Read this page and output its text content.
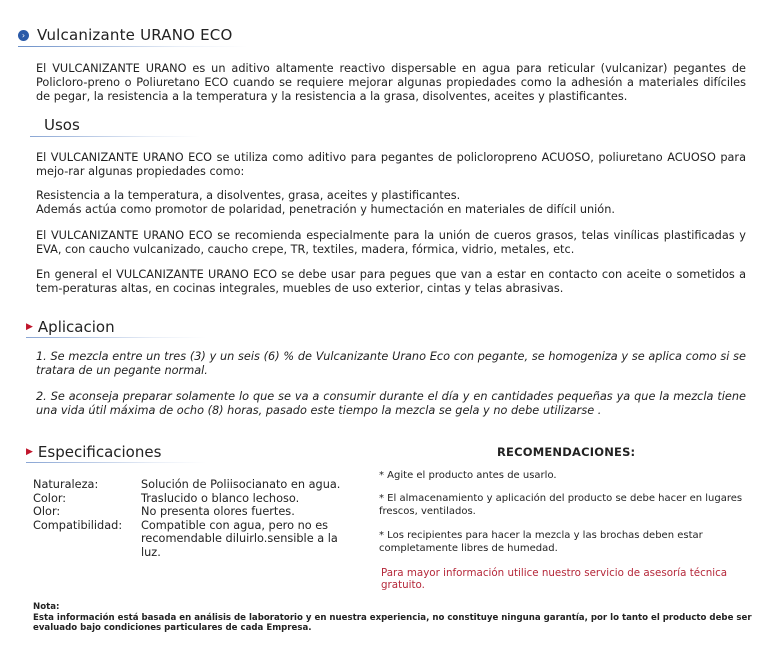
› Vulcanizante URANO ECO

El VULCANIZANTE URANO es un aditivo altamente reactivo dispersable en agua para reticular (vulcanizar) pegantes de Policloro-preno o Poliuretano ECO cuando se requiere mejorar algunas propiedades como la adhesión a materiales difíciles de pegar, la resistencia a la temperatura y la resistencia a la grasa, disolventes, aceites y plastificantes.

Usos

El VULCANIZANTE URANO ECO se utiliza como aditivo para pegantes de policloropreno ACUOSO, poliuretano ACUOSO para mejo-rar algunas propiedades como:

Resistencia a la temperatura, a disolventes, grasa, aceites y plastificantes.

Además actúa como promotor de polaridad, penetración y humectación en materiales de difícil unión.

El VULCANIZANTE URANO ECO se recomienda especialmente para la unión de cueros grasos, telas vinílicas plastificadas y EVA, con caucho vulcanizado, caucho crepe, TR, textiles, madera, fórmica, vidrio, metales, etc.

En general el VULCANIZANTE URANO ECO se debe usar para pegues que van a estar en contacto con aceite o sometidos a tem-peraturas altas, en cocinas integrales, muebles de uso exterior, cintas y telas abrasivas.

▶ Aplicacion

1. Se mezcla entre un tres (3) y un seis (6) % de Vulcanizante Urano Eco con pegante, se homogeniza y se aplica como si se tratara de un pegante normal.

2. Se aconseja preparar solamente lo que se va a consumir durante el día y en cantidades pequeñas ya que la mezcla tiene una vida útil máxima de ocho (8) horas, pasado este tiempo la mezcla se gela y no debe utilizarse .

▶ Especificaciones
Naturaleza:	Solución de Poliisocianato en agua.
Color:	Traslucido o blanco lechoso.
Olor:	No presenta olores fuertes.
Compatibilidad:	Compatible con agua, pero no es recomendable diluirlo.sensible a la luz.
RECOMENDACIONES:

* Agite el producto antes de usarlo.

* El almacenamiento y aplicación del producto se debe hacer en lugares frescos, ventilados.

* Los recipientes para hacer la mezcla y las brochas deben estar completamente libres de humedad.

Para mayor información utilice nuestro servicio de asesoría técnica gratuito.
Nota:
Esta información está basada en análisis de laboratorio y en nuestra experiencia, no constituye ninguna garantía, por lo tanto el producto debe ser evaluado bajo condiciones particulares de cada Empresa.
